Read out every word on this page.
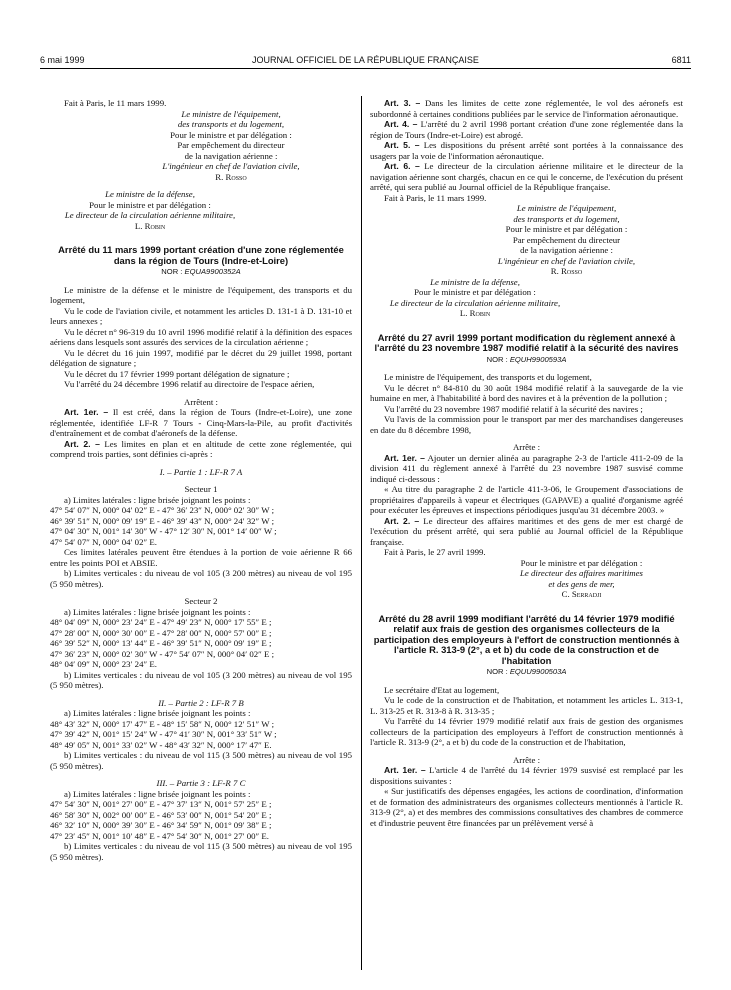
6 mai 1999	JOURNAL OFFICIEL DE LA RÉPUBLIQUE FRANÇAISE	6811

Fait à Paris, le 11 mars 1999.

Le ministre de l'équipement,

des transports et du logement,

Pour le ministre et par délégation :

Par empêchement du directeur

de la navigation aérienne :

L'ingénieur en chef de l'aviation civile,

R. Rosso

Le ministre de la défense,

Pour le ministre et par délégation :

Le directeur de la circulation aérienne militaire,

L. Robin

Arrêté du 11 mars 1999 portant création d'une zone réglementée dans la région de Tours (Indre-et-Loire)

NOR : EQUA9900352A

Le ministre de la défense et le ministre de l'équipement, des transports et du logement,

Vu le code de l'aviation civile, et notamment les articles D. 131-1 à D. 131-10 et leurs annexes ;

Vu le décret n° 96-319 du 10 avril 1996 modifié relatif à la définition des espaces aériens dans lesquels sont assurés des services de la circulation aérienne ;

Vu le décret du 16 juin 1997, modifié par le décret du 29 juillet 1998, portant délégation de signature ;

Vu le décret du 17 février 1999 portant délégation de signature ;

Vu l'arrêté du 24 décembre 1996 relatif au directoire de l'espace aérien,

Arrêtent :

Art. 1er. – Il est créé, dans la région de Tours (Indre-et-Loire), une zone réglementée, identifiée LF-R 7 Tours - Cinq-Mars-la-Pile, au profit d'activités d'entraînement et de combat d'aéronefs de la défense.

Art. 2. – Les limites en plan et en altitude de cette zone réglementée, qui comprend trois parties, sont définies ci-après :

I. – Partie 1 : LF-R 7 A

Secteur 1

a) Limites latérales : ligne brisée joignant les points :

47° 54′ 07″ N, 000° 04′ 02″ E - 47° 36′ 23″ N, 000° 02′ 30″ W ;

46° 39′ 51″ N, 000° 09′ 19″ E - 46° 39′ 43″ N, 000° 24′ 32″ W ;

47° 04′ 30″ N, 001° 14′ 30″ W - 47° 12′ 30″ N, 001° 14′ 00″ W ;

47° 54′ 07″ N, 000° 04′ 02″ E.

Ces limites latérales peuvent être étendues à la portion de voie aérienne R 66 entre les points POI et ABSIE.

b) Limites verticales : du niveau de vol 105 (3 200 mètres) au niveau de vol 195 (5 950 mètres).

Secteur 2

a) Limites latérales : ligne brisée joignant les points :

48° 04′ 09″ N, 000° 23′ 24″ E - 47° 49′ 23″ N, 000° 17′ 55″ E ;

47° 28′ 00″ N, 000° 30′ 00″ E - 47° 28′ 00″ N, 000° 57′ 00″ E ;

46° 39′ 52″ N, 000° 13′ 44″ E - 46° 39′ 51″ N, 000° 09′ 19″ E ;

47° 36′ 23″ N, 000° 02′ 30″ W - 47° 54′ 07″ N, 000° 04′ 02″ E ;

48° 04′ 09″ N, 000° 23′ 24″ E.

b) Limites verticales : du niveau de vol 105 (3 200 mètres) au niveau de vol 195 (5 950 mètres).

II. – Partie 2 : LF-R 7 B

a) Limites latérales : ligne brisée joignant les points :

48° 43′ 32″ N, 000° 17′ 47″ E - 48° 15′ 58″ N, 000° 12′ 51″ W ;

47° 39′ 42″ N, 001° 15′ 24″ W - 47° 41′ 30″ N, 001° 33′ 51″ W ;

48° 49′ 05″ N, 001° 33′ 02″ W - 48° 43′ 32″ N, 000° 17′ 47″ E.

b) Limites verticales : du niveau de vol 115 (3 500 mètres) au niveau de vol 195 (5 950 mètres).

III. – Partie 3 : LF-R 7 C

a) Limites latérales : ligne brisée joignant les points :

47° 54′ 30″ N, 001° 27′ 00″ E - 47° 37′ 13″ N, 001° 57′ 25″ E ;

46° 58′ 30″ N, 002° 00′ 00″ E - 46° 53′ 00″ N, 001° 54′ 20″ E ;

46° 32′ 10″ N, 000° 39′ 30″ E - 46° 34′ 59″ N, 001° 09′ 38″ E ;

47° 23′ 45″ N, 001° 10′ 48″ E - 47° 54′ 30″ N, 001° 27′ 00″ E.

b) Limites verticales : du niveau de vol 115 (3 500 mètres) au niveau de vol 195 (5 950 mètres).

Art. 3. – Dans les limites de cette zone réglementée, le vol des aéronefs est subordonné à certaines conditions publiées par le service de l'information aéronautique.

Art. 4. – L'arrêté du 2 avril 1998 portant création d'une zone réglementée dans la région de Tours (Indre-et-Loire) est abrogé.

Art. 5. – Les dispositions du présent arrêté sont portées à la connaissance des usagers par la voie de l'information aéronautique.

Art. 6. – Le directeur de la circulation aérienne militaire et le directeur de la navigation aérienne sont chargés, chacun en ce qui le concerne, de l'exécution du présent arrêté, qui sera publié au Journal officiel de la République française.

Fait à Paris, le 11 mars 1999.

Le ministre de l'équipement,

des transports et du logement,

Pour le ministre et par délégation :

Par empêchement du directeur

de la navigation aérienne :

L'ingénieur en chef de l'aviation civile,

R. Rosso

Le ministre de la défense,

Pour le ministre et par délégation :

Le directeur de la circulation aérienne militaire,

L. Robin

Arrêté du 27 avril 1999 portant modification du règlement annexé à l'arrêté du 23 novembre 1987 modifié relatif à la sécurité des navires

NOR : EQUH9900593A

Le ministre de l'équipement, des transports et du logement,

Vu le décret n° 84-810 du 30 août 1984 modifié relatif à la sauvegarde de la vie humaine en mer, à l'habitabilité à bord des navires et à la prévention de la pollution ;

Vu l'arrêté du 23 novembre 1987 modifié relatif à la sécurité des navires ;

Vu l'avis de la commission pour le transport par mer des marchandises dangereuses en date du 8 décembre 1998,

Arrête :

Art. 1er. – Ajouter un dernier alinéa au paragraphe 2-3 de l'article 411-2-09 de la division 411 du règlement annexé à l'arrêté du 23 novembre 1987 susvisé comme indiqué ci-dessous :

« Au titre du paragraphe 2 de l'article 411-3-06, le Groupement d'associations de propriétaires d'appareils à vapeur et électriques (GAPAVE) a qualité d'organisme agréé pour exécuter les épreuves et inspections périodiques jusqu'au 31 décembre 2003. »

Art. 2. – Le directeur des affaires maritimes et des gens de mer est chargé de l'exécution du présent arrêté, qui sera publié au Journal officiel de la République française.

Fait à Paris, le 27 avril 1999.

Pour le ministre et par délégation :

Le directeur des affaires maritimes

et des gens de mer,

C. Serradji

Arrêté du 28 avril 1999 modifiant l'arrêté du 14 février 1979 modifié relatif aux frais de gestion des organismes collecteurs de la participation des employeurs à l'effort de construction mentionnés à l'article R. 313-9 (2°, a et b) du code de la construction et de l'habitation

NOR : EQUU9900503A

Le secrétaire d'Etat au logement,

Vu le code de la construction et de l'habitation, et notamment les articles L. 313-1, L. 313-25 et R. 313-8 à R. 313-35 ;

Vu l'arrêté du 14 février 1979 modifié relatif aux frais de gestion des organismes collecteurs de la participation des employeurs à l'effort de construction mentionnés à l'article R. 313-9 (2°, a et b) du code de la construction et de l'habitation,

Arrête :

Art. 1er. – L'article 4 de l'arrêté du 14 février 1979 susvisé est remplacé par les dispositions suivantes :

« Sur justificatifs des dépenses engagées, les actions de coordination, d'information et de formation des administrateurs des organismes collecteurs mentionnés à l'article R. 313-9 (2°, a) et des membres des commissions consultatives des chambres de commerce et d'industrie peuvent être financées par un prélèvement versé à
